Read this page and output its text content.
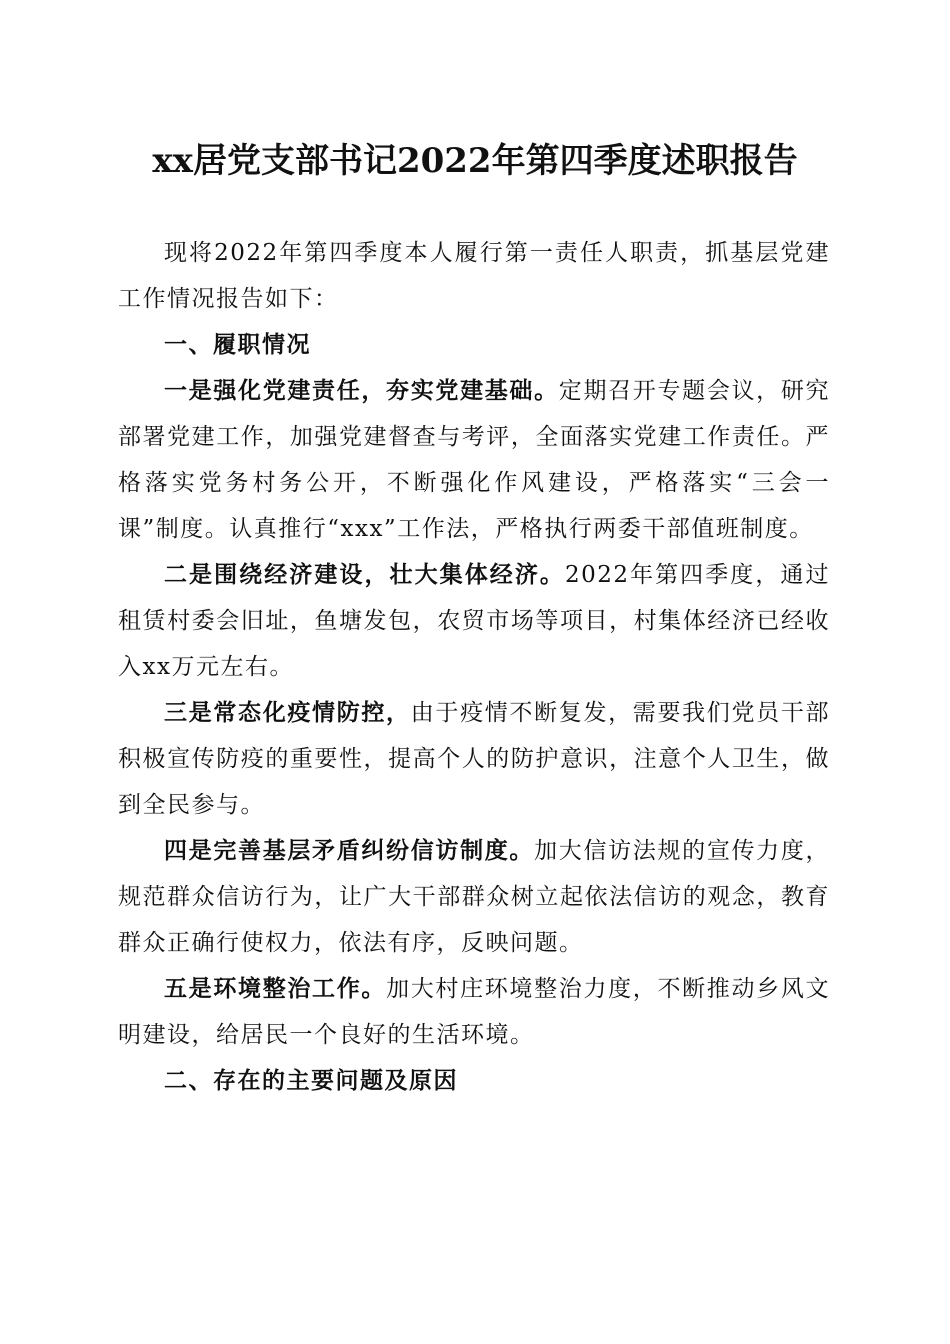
xx居党支部书记2022年第四季度述职报告

现将2022年第四季度本人履行第一责任人职责，抓基层党建工作情况报告如下：

一、履职情况

一是强化党建责任，夯实党建基础。定期召开专题会议，研究部署党建工作，加强党建督查与考评，全面落实党建工作责任。严格落实党务村务公开，不断强化作风建设，严格落实“三会一课”制度。认真推行“xxx”工作法，严格执行两委干部值班制度。

二是围绕经济建设，壮大集体经济。2022年第四季度，通过租赁村委会旧址，鱼塘发包，农贸市场等项目，村集体经济已经收入xx万元左右。

三是常态化疫情防控，由于疫情不断复发，需要我们党员干部积极宣传防疫的重要性，提高个人的防护意识，注意个人卫生，做到全民参与。

四是完善基层矛盾纠纷信访制度。加大信访法规的宣传力度，规范群众信访行为，让广大干部群众树立起依法信访的观念，教育群众正确行使权力，依法有序，反映问题。

五是环境整治工作。加大村庄环境整治力度，不断推动乡风文明建设，给居民一个良好的生活环境。

二、存在的主要问题及原因
